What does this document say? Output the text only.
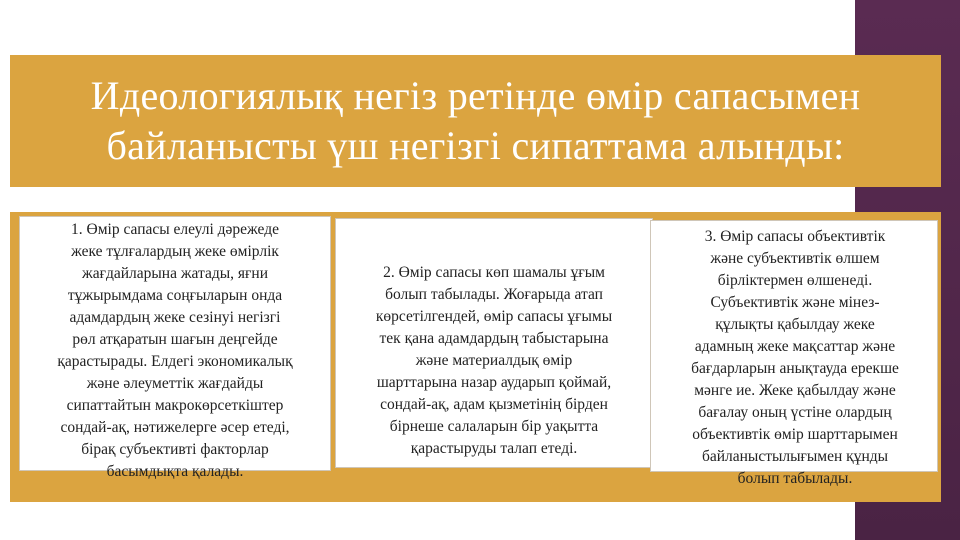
Идеологиялық негіз ретінде өмір сапасымен байланысты үш негізгі сипаттама алынды:
1. Өмір сапасы елеулі дәрежеде
жеке тұлғалардың жеке өмірлік
жағдайларына жатады, яғни
тұжырымдама соңғыларын онда
адамдардың жеке сезінуі негізгі
рөл атқаратын шағын деңгейде
қарастырады. Елдегі экономикалық
және әлеуметтік жағдайды
сипаттайтын макрокөрсеткіштер
сондай-ақ, нәтижелерге әсер етеді,
бірақ субъективті факторлар
басымдықта қалады.
2. Өмір сапасы көп шамалы ұғым
болып табылады. Жоғарыда атап
көрсетілгендей, өмір сапасы ұғымы
тек қана адамдардың табыстарына
және материалдық өмір
шарттарына назар аударып қоймай,
сондай-ақ, адам қызметінің бірден
бірнеше салаларын бір уақытта
қарастыруды талап етеді.
3. Өмір сапасы объективтік
және субъективтік өлшем
бірліктермен өлшенеді.
Субъективтік және мінез-
құлықты қабылдау жеке
адамның жеке мақсаттар және
бағдарларын анықтауда ерекше
мәнге ие. Жеке қабылдау және
бағалау оның үстіне олардың
объективтік өмір шарттарымен
байланыстылығымен құнды
болып табылады.
